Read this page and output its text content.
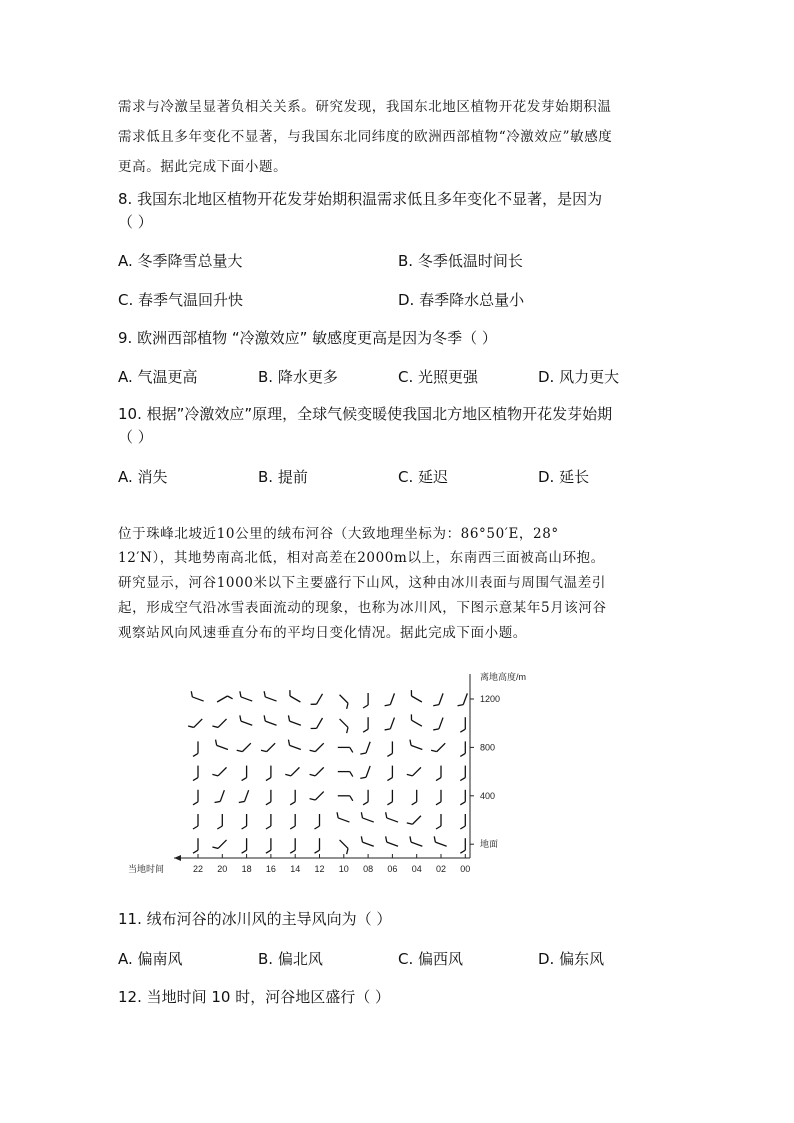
需求与冷激呈显著负相关关系。研究发现，我国东北地区植物开花发芽始期积温
需求低且多年变化不显著，与我国东北同纬度的欧洲西部植物“冷激效应”敏感度
更高。据此完成下面小题。
8. 我国东北地区植物开花发芽始期积温需求低且多年变化不显著，是因为
（ ）
A. 冬季降雪总量大	B. 冬季低温时间长
C. 春季气温回升快	D. 春季降水总量小
9. 欧洲西部植物 “冷激效应” 敏感度更高是因为冬季（ ）
A. 气温更高	B. 降水更多	C. 光照更强	D. 风力更大
10. 根据”冷激效应”原理，全球气候变暖使我国北方地区植物开花发芽始期
（ ）
A. 消失	B. 提前	C. 延迟	D. 延长
位于珠峰北坡近10公里的绒布河谷（大致地理坐标为：86°50′E，28°
12′N），其地势南高北低，相对高差在2000m以上，东南西三面被高山环抱。
研究显示，河谷1000米以下主要盛行下山风，这种由冰川表面与周围气温差引
起，形成空气沿冰雪表面流动的现象，也称为冰川风，下图示意某年5月该河谷
观察站风向风速垂直分布的平均日变化情况。据此完成下面小题。
22 20 18 16 14 12 10 08 06 04 02 00
当地时间
离地高度/m
1200
800
400
地面
11. 绒布河谷的冰川风的主导风向为（ ）
A. 偏南风	B. 偏北风	C. 偏西风	D. 偏东风
12. 当地时间 10 时，河谷地区盛行（ ）
